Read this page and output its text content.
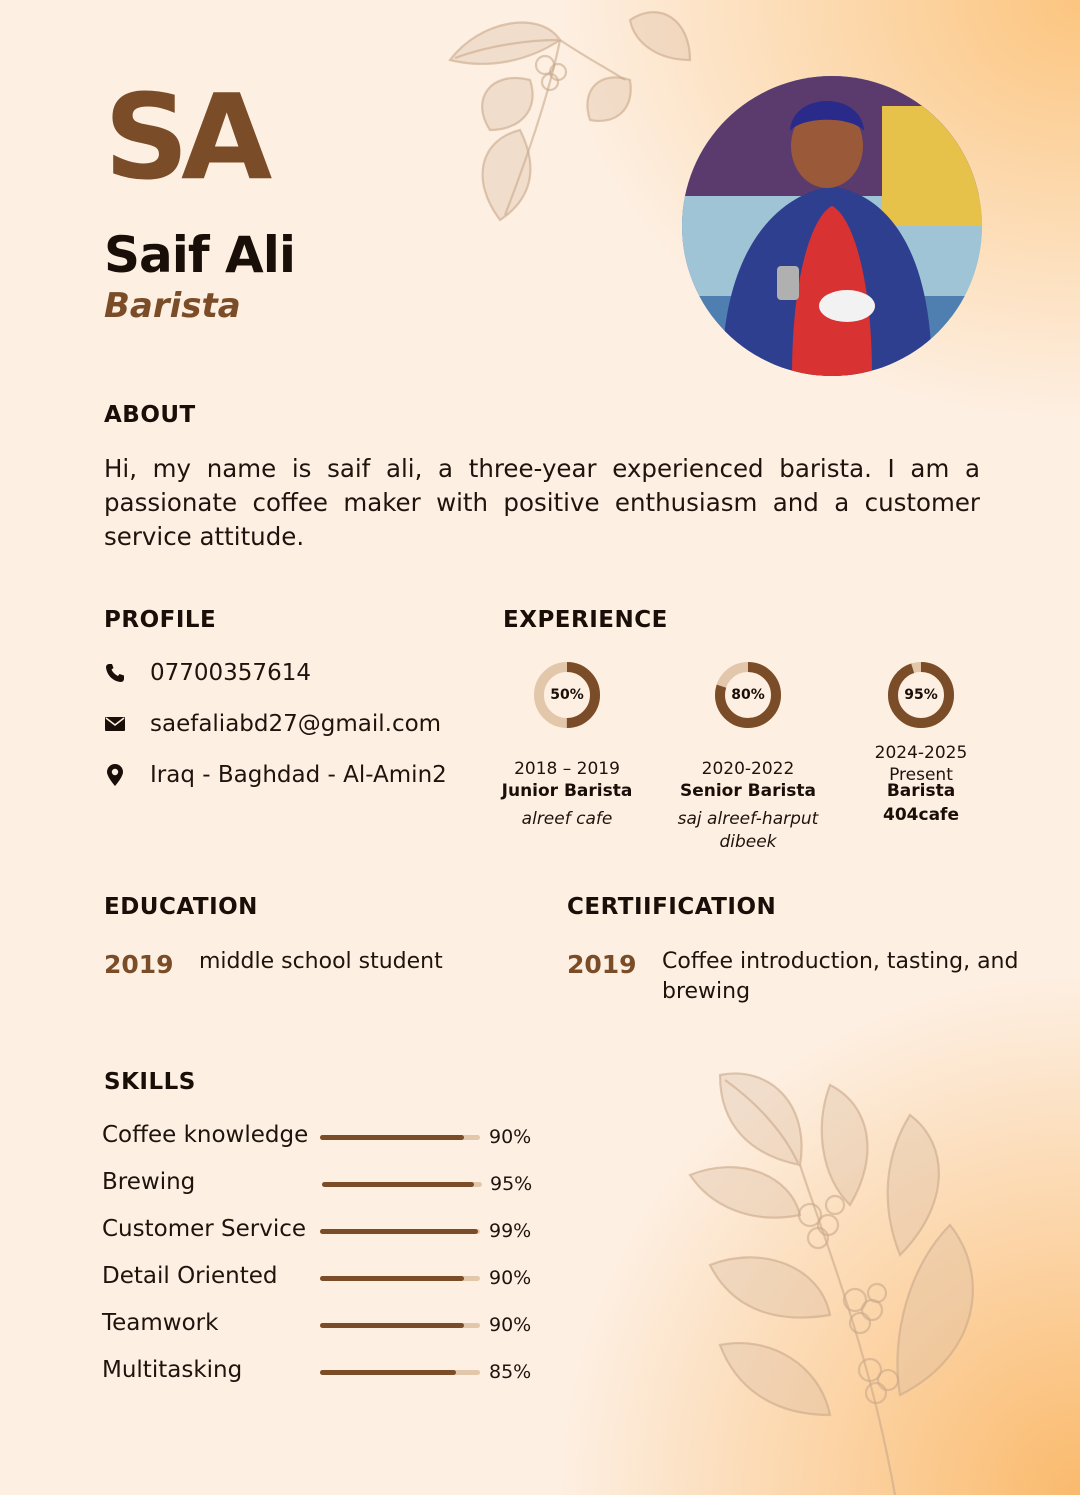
SA
Saif Ali
Barista
ABOUT
Hi, my name is saif ali, a three-year experienced barista. I am a passionate coffee maker with positive enthusiasm and a customer service attitude.
PROFILE
07700357614
saefaliabd27@gmail.com
Iraq - Baghdad - Al-Amin2
EXPERIENCE
50%
2018 – 2019
Junior Barista
alreef cafe
80%
2020-2022
Senior Barista
saj alreef-harput dibeek
95%
2024-2025
Present
Barista
404cafe
EDUCATION
2019 middle school student
CERTIIFICATION
2019 Coffee introduction, tasting, and brewing
SKILLS
Coffee knowledge	90%
Brewing	95%
Customer Service	99%
Detail Oriented	90%
Teamwork	90%
Multitasking	85%
